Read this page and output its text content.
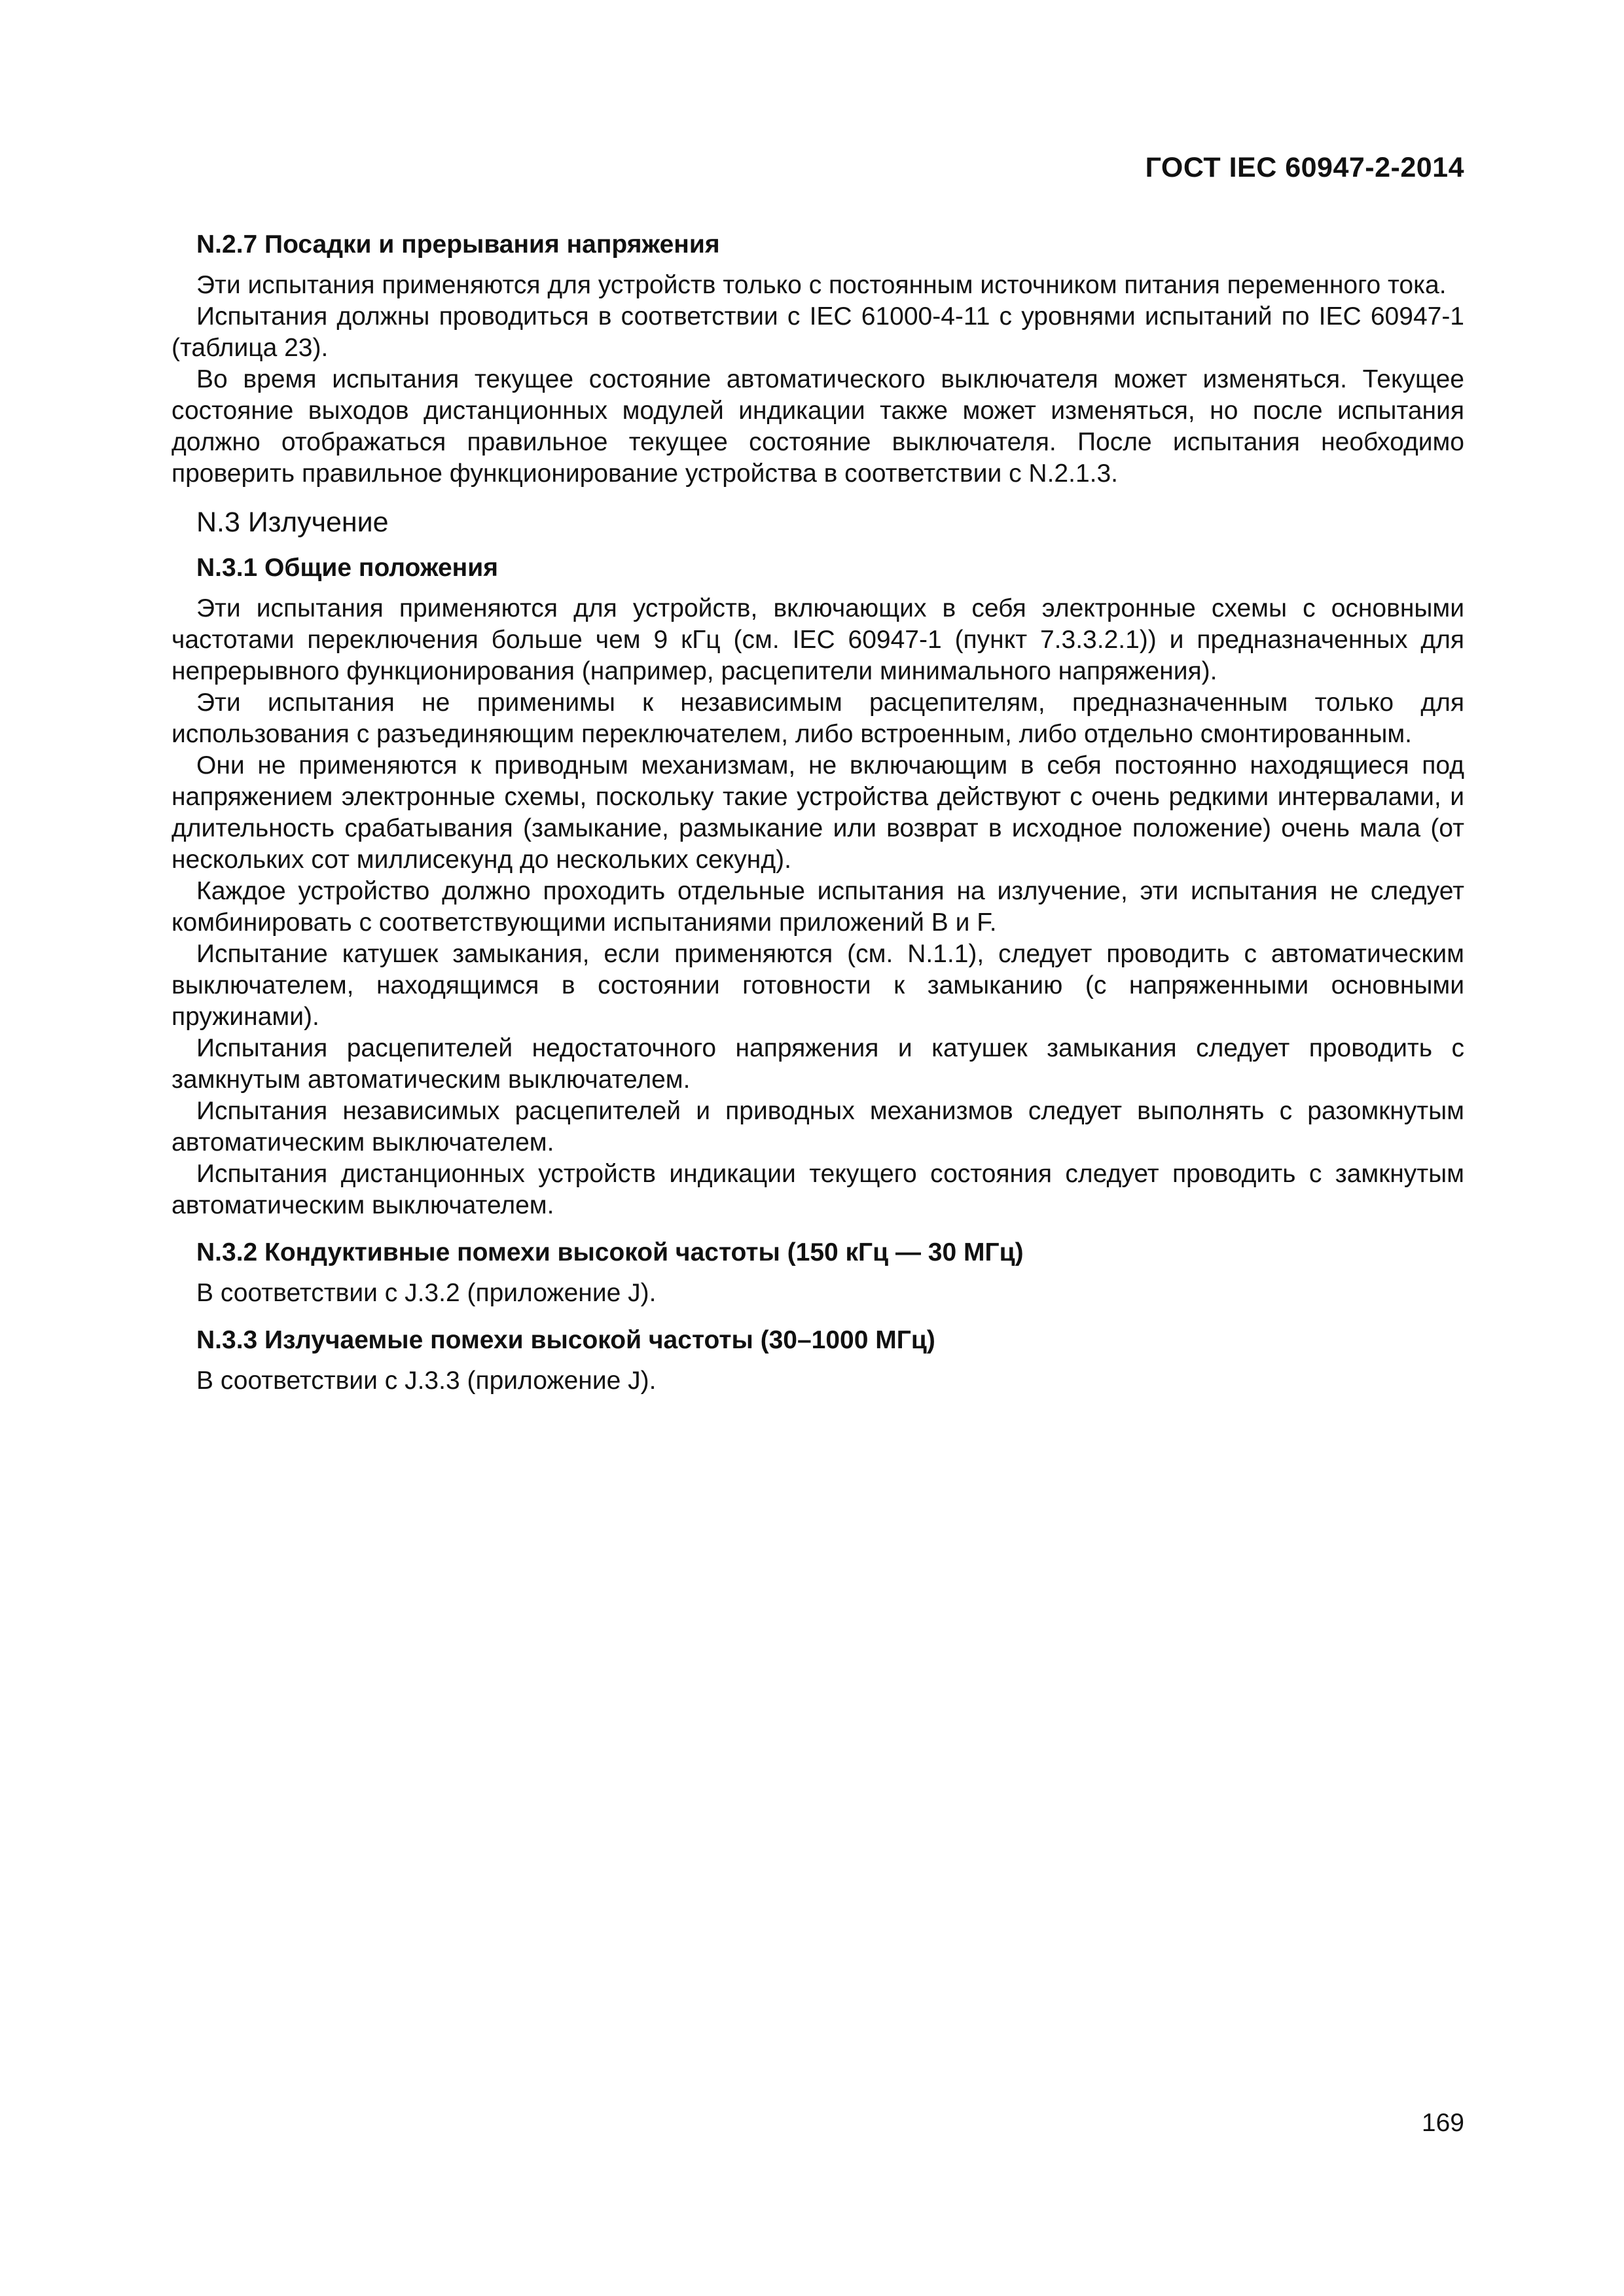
ГОСТ IEC 60947-2-2014
N.2.7 Посадки и прерывания напряжения

Эти испытания применяются для устройств только с постоянным источником питания переменного тока.

Испытания должны проводиться в соответствии с IEC 61000-4-11 с уровнями испытаний по IEC 60947-1 (таблица 23).

Во время испытания текущее состояние автоматического выключателя может изменяться. Текущее состояние выходов дистанционных модулей индикации также может изменяться, но после испытания должно отображаться правильное текущее состояние выключателя. После испытания необходимо проверить правильное функционирование устройства в соответствии с N.2.1.3.

N.3 Излучение
N.3.1 Общие положения

Эти испытания применяются для устройств, включающих в себя электронные схемы с основными частотами переключения больше чем 9 кГц (см. IEC 60947-1 (пункт 7.3.3.2.1)) и предназначенных для непрерывного функционирования (например, расцепители минимального напряжения).

Эти испытания не применимы к независимым расцепителям, предназначенным только для использования с разъединяющим переключателем, либо встроенным, либо отдельно смонтированным.

Они не применяются к приводным механизмам, не включающим в себя постоянно находящиеся под напряжением электронные схемы, поскольку такие устройства действуют с очень редкими интервалами, и длительность срабатывания (замыкание, размыкание или возврат в исходное положение) очень мала (от нескольких сот миллисекунд до нескольких секунд).

Каждое устройство должно проходить отдельные испытания на излучение, эти испытания не следует комбинировать с соответствующими испытаниями приложений B и F.

Испытание катушек замыкания, если применяются (см. N.1.1), следует проводить с автоматическим выключателем, находящимся в состоянии готовности к замыканию (с напряженными основными пружинами).

Испытания расцепителей недостаточного напряжения и катушек замыкания следует проводить с замкнутым автоматическим выключателем.

Испытания независимых расцепителей и приводных механизмов следует выполнять с разомкнутым автоматическим выключателем.

Испытания дистанционных устройств индикации текущего состояния следует проводить с замкнутым автоматическим выключателем.

N.3.2 Кондуктивные помехи высокой частоты (150 кГц — 30 МГц)

В соответствии с J.3.2 (приложение J).

N.3.3 Излучаемые помехи высокой частоты (30–1000 МГц)

В соответствии с J.3.3 (приложение J).

169
